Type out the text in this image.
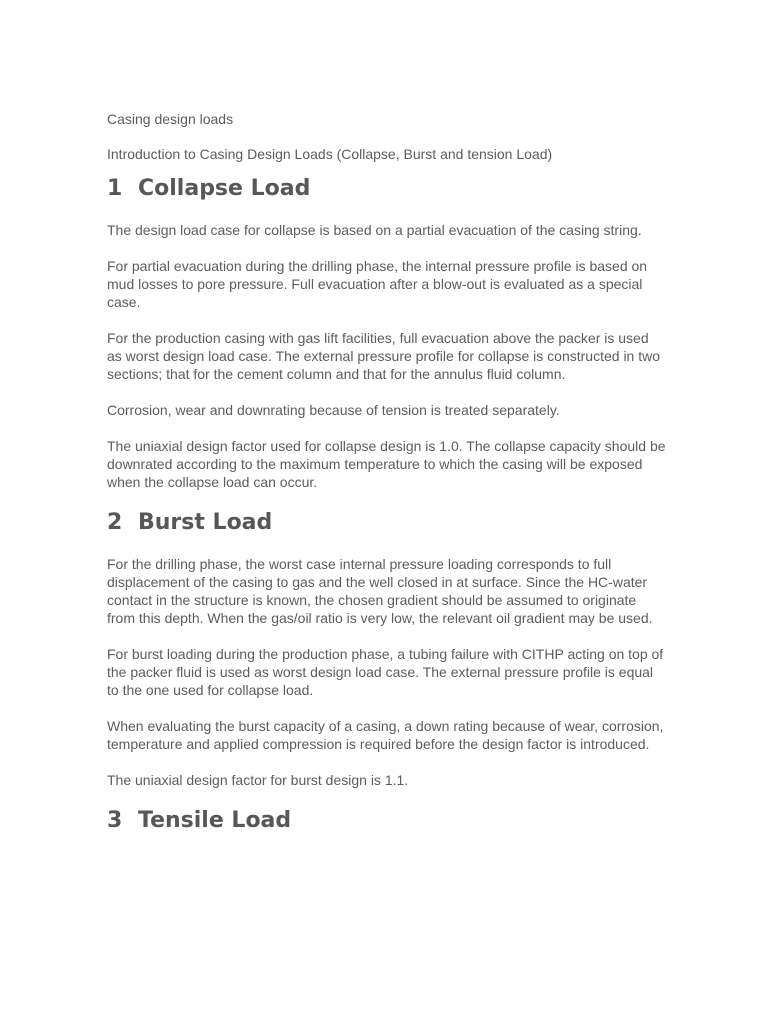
Casing design loads

Introduction to Casing Design Loads (Collapse, Burst and tension Load)

1 Collapse Load

The design load case for collapse is based on a partial evacuation of the casing string.

For partial evacuation during the drilling phase, the internal pressure profile is based on mud losses to pore pressure. Full evacuation after a blow-out is evaluated as a special case.

For the production casing with gas lift facilities, full evacuation above the packer is used as worst design load case. The external pressure profile for collapse is constructed in two sections; that for the cement column and that for the annulus fluid column.

Corrosion, wear and downrating because of tension is treated separately.

The uniaxial design factor used for collapse design is 1.0. The collapse capacity should be downrated according to the maximum temperature to which the casing will be exposed when the collapse load can occur.

2 Burst Load

For the drilling phase, the worst case internal pressure loading corresponds to full displacement of the casing to gas and the well closed in at surface. Since the HC-water contact in the structure is known, the chosen gradient should be assumed to originate from this depth. When the gas/oil ratio is very low, the relevant oil gradient may be used.

For burst loading during the production phase, a tubing failure with CITHP acting on top of the packer fluid is used as worst design load case. The external pressure profile is equal to the one used for collapse load.

When evaluating the burst capacity of a casing, a down rating because of wear, corrosion, temperature and applied compression is required before the design factor is introduced.

The uniaxial design factor for burst design is 1.1.

3 Tensile Load
